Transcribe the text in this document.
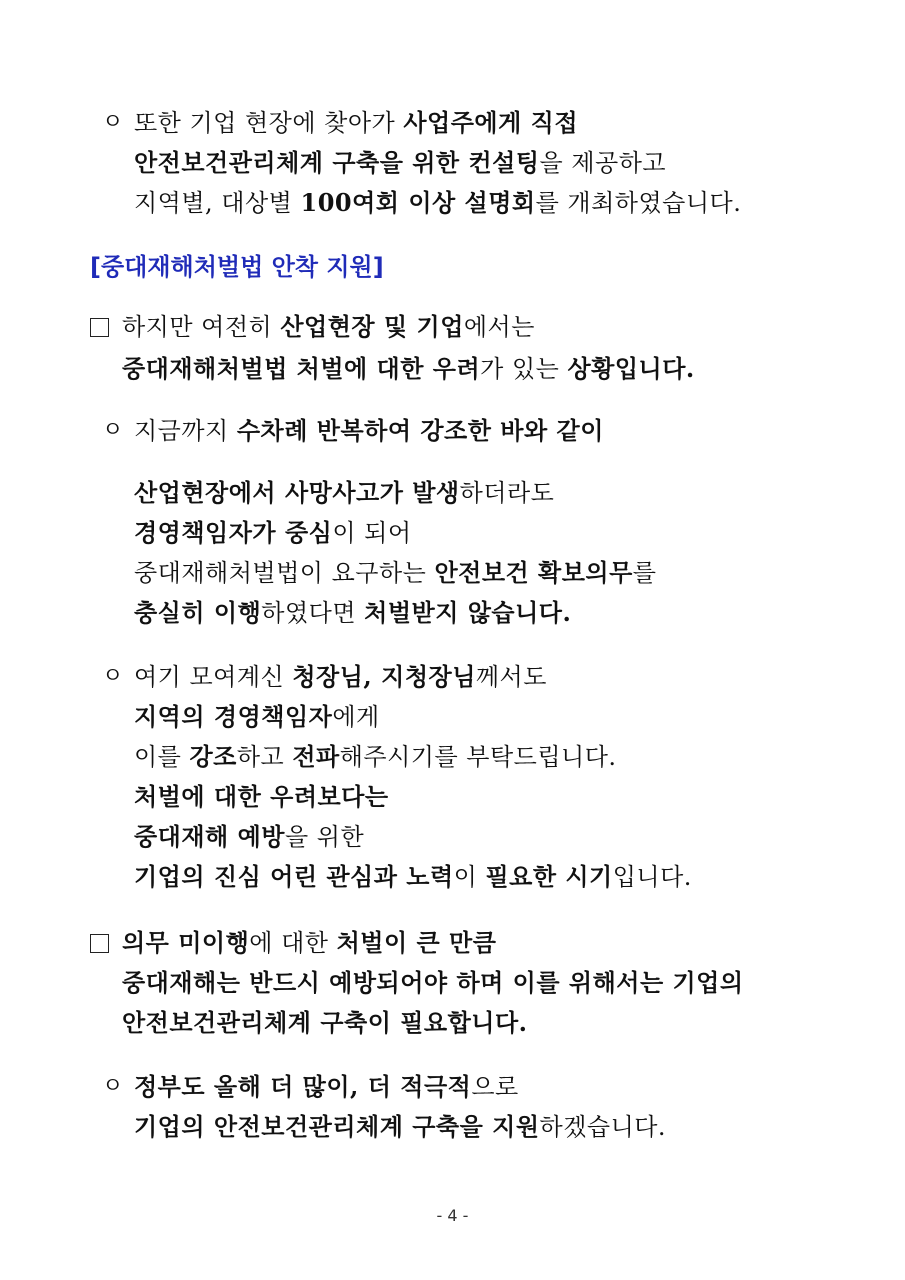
ㅇ 또한 기업 현장에 찾아가 사업주에게 직접
안전보건관리체계 구축을 위한 컨설팅을 제공하고
지역별, 대상별 100여회 이상 설명회를 개최하였습니다.
[중대재해처벌법 안착 지원]
하지만 여전히 산업현장 및 기업에서는
중대재해처벌법 처벌에 대한 우려가 있는 상황입니다.
ㅇ 지금까지 수차례 반복하여 강조한 바와 같이
산업현장에서 사망사고가 발생하더라도
경영책임자가 중심이 되어
중대재해처벌법이 요구하는 안전보건 확보의무를
충실히 이행하였다면 처벌받지 않습니다.
ㅇ 여기 모여계신 청장님, 지청장님께서도
지역의 경영책임자에게
이를 강조하고 전파해주시기를 부탁드립니다.
처벌에 대한 우려보다는
중대재해 예방을 위한
기업의 진심 어린 관심과 노력이 필요한 시기입니다.
의무 미이행에 대한 처벌이 큰 만큼
중대재해는 반드시 예방되어야 하며 이를 위해서는 기업의
안전보건관리체계 구축이 필요합니다.
ㅇ 정부도 올해 더 많이, 더 적극적으로
기업의 안전보건관리체계 구축을 지원하겠습니다.
- 4 -
